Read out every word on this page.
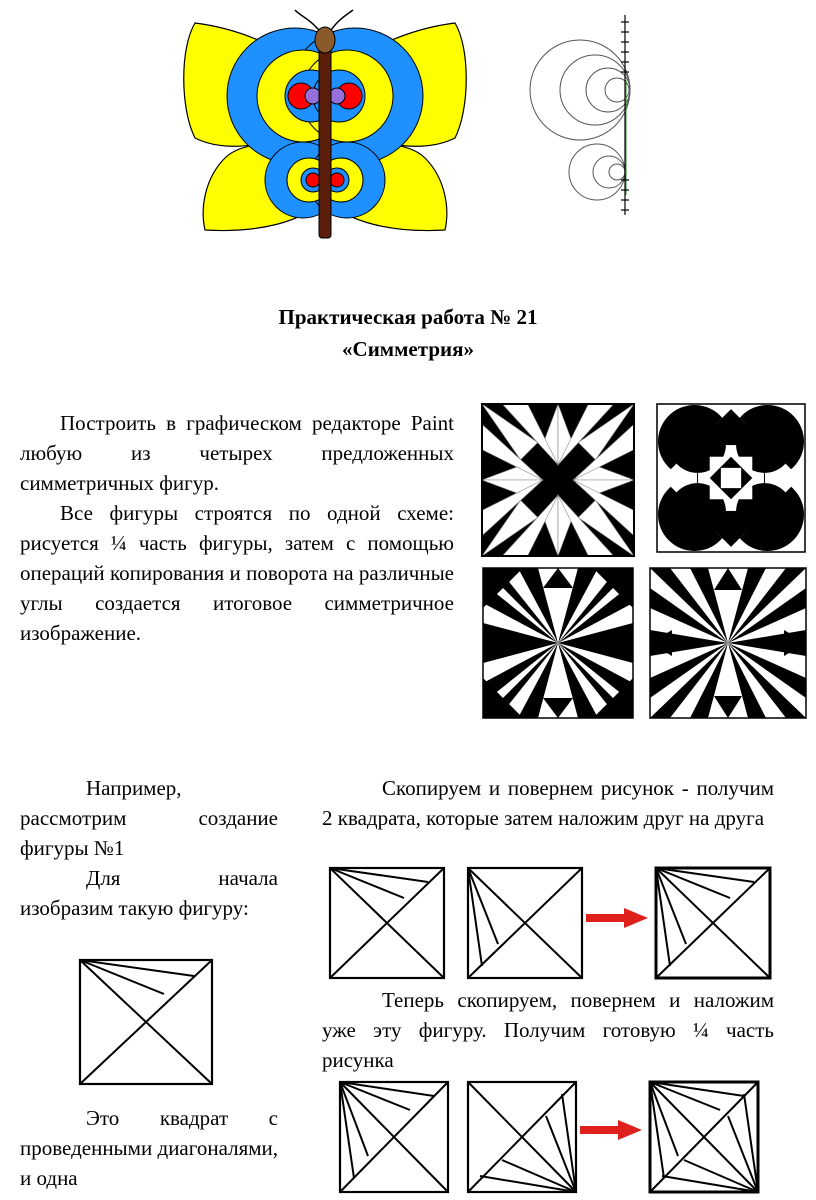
Практическая работа № 21
«Симметрия»
Построить в графическом редакторе Paint любую из четырех предложенных симметричных фигур.
Все фигуры строятся по одной схеме: рисуется ¼ часть фигуры, затем с помощью операций копирования и поворота на различные углы создается итоговое симметричное изображение.
Например, рассмотрим создание фигуры №1
Для начала изобразим такую фигуру:
Это квадрат с проведенными диагоналями, и одна
Скопируем и повернем рисунок - получим 2 квадрата, которые затем наложим друг на друга
Теперь скопируем, повернем и наложим уже эту фигуру. Получим готовую ¼ часть рисунка
